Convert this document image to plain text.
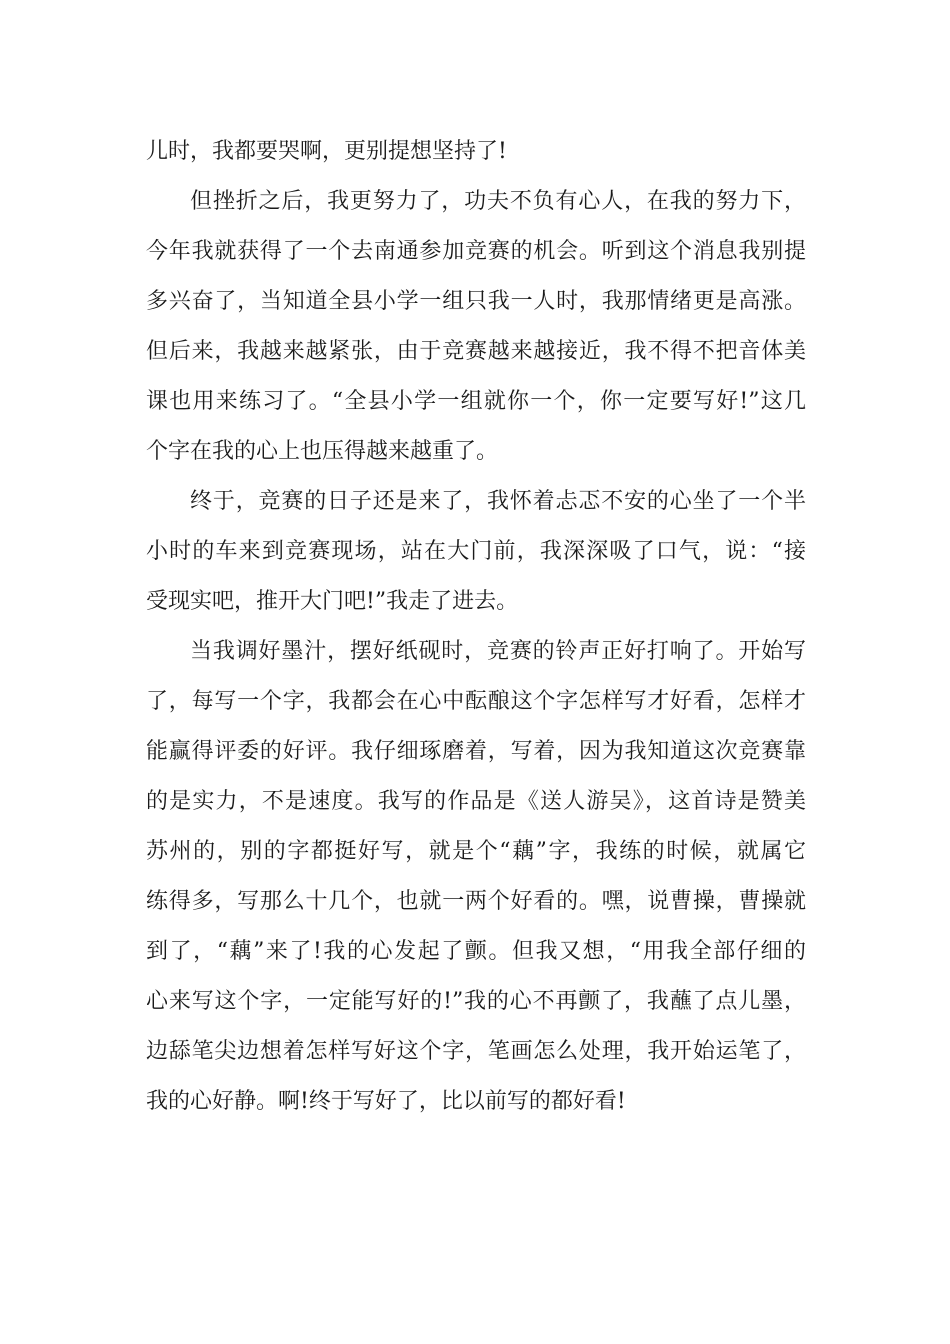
儿时，我都要哭啊，更别提想坚持了!
但挫折之后，我更努力了，功夫不负有心人，在我的努力下，
今年我就获得了一个去南通参加竞赛的机会。听到这个消息我别提
多兴奋了，当知道全县小学一组只我一人时，我那情绪更是高涨。
但后来，我越来越紧张，由于竞赛越来越接近，我不得不把音体美
课也用来练习了。“全县小学一组就你一个，你一定要写好!”这几
个字在我的心上也压得越来越重了。
终于，竞赛的日子还是来了，我怀着忐忑不安的心坐了一个半
小时的车来到竞赛现场，站在大门前，我深深吸了口气，说：“接
受现实吧，推开大门吧!”我走了进去。
当我调好墨汁，摆好纸砚时，竞赛的铃声正好打响了。开始写
了，每写一个字，我都会在心中酝酿这个字怎样写才好看，怎样才
能赢得评委的好评。我仔细琢磨着，写着，因为我知道这次竞赛靠
的是实力，不是速度。我写的作品是《送人游吴》，这首诗是赞美
苏州的，别的字都挺好写，就是个“藕”字，我练的时候，就属它
练得多，写那么十几个，也就一两个好看的。嘿，说曹操，曹操就
到了，“藕”来了!我的心发起了颤。但我又想，“用我全部仔细的
心来写这个字，一定能写好的!”我的心不再颤了，我蘸了点儿墨，
边舔笔尖边想着怎样写好这个字，笔画怎么处理，我开始运笔了，
我的心好静。啊!终于写好了，比以前写的都好看!
